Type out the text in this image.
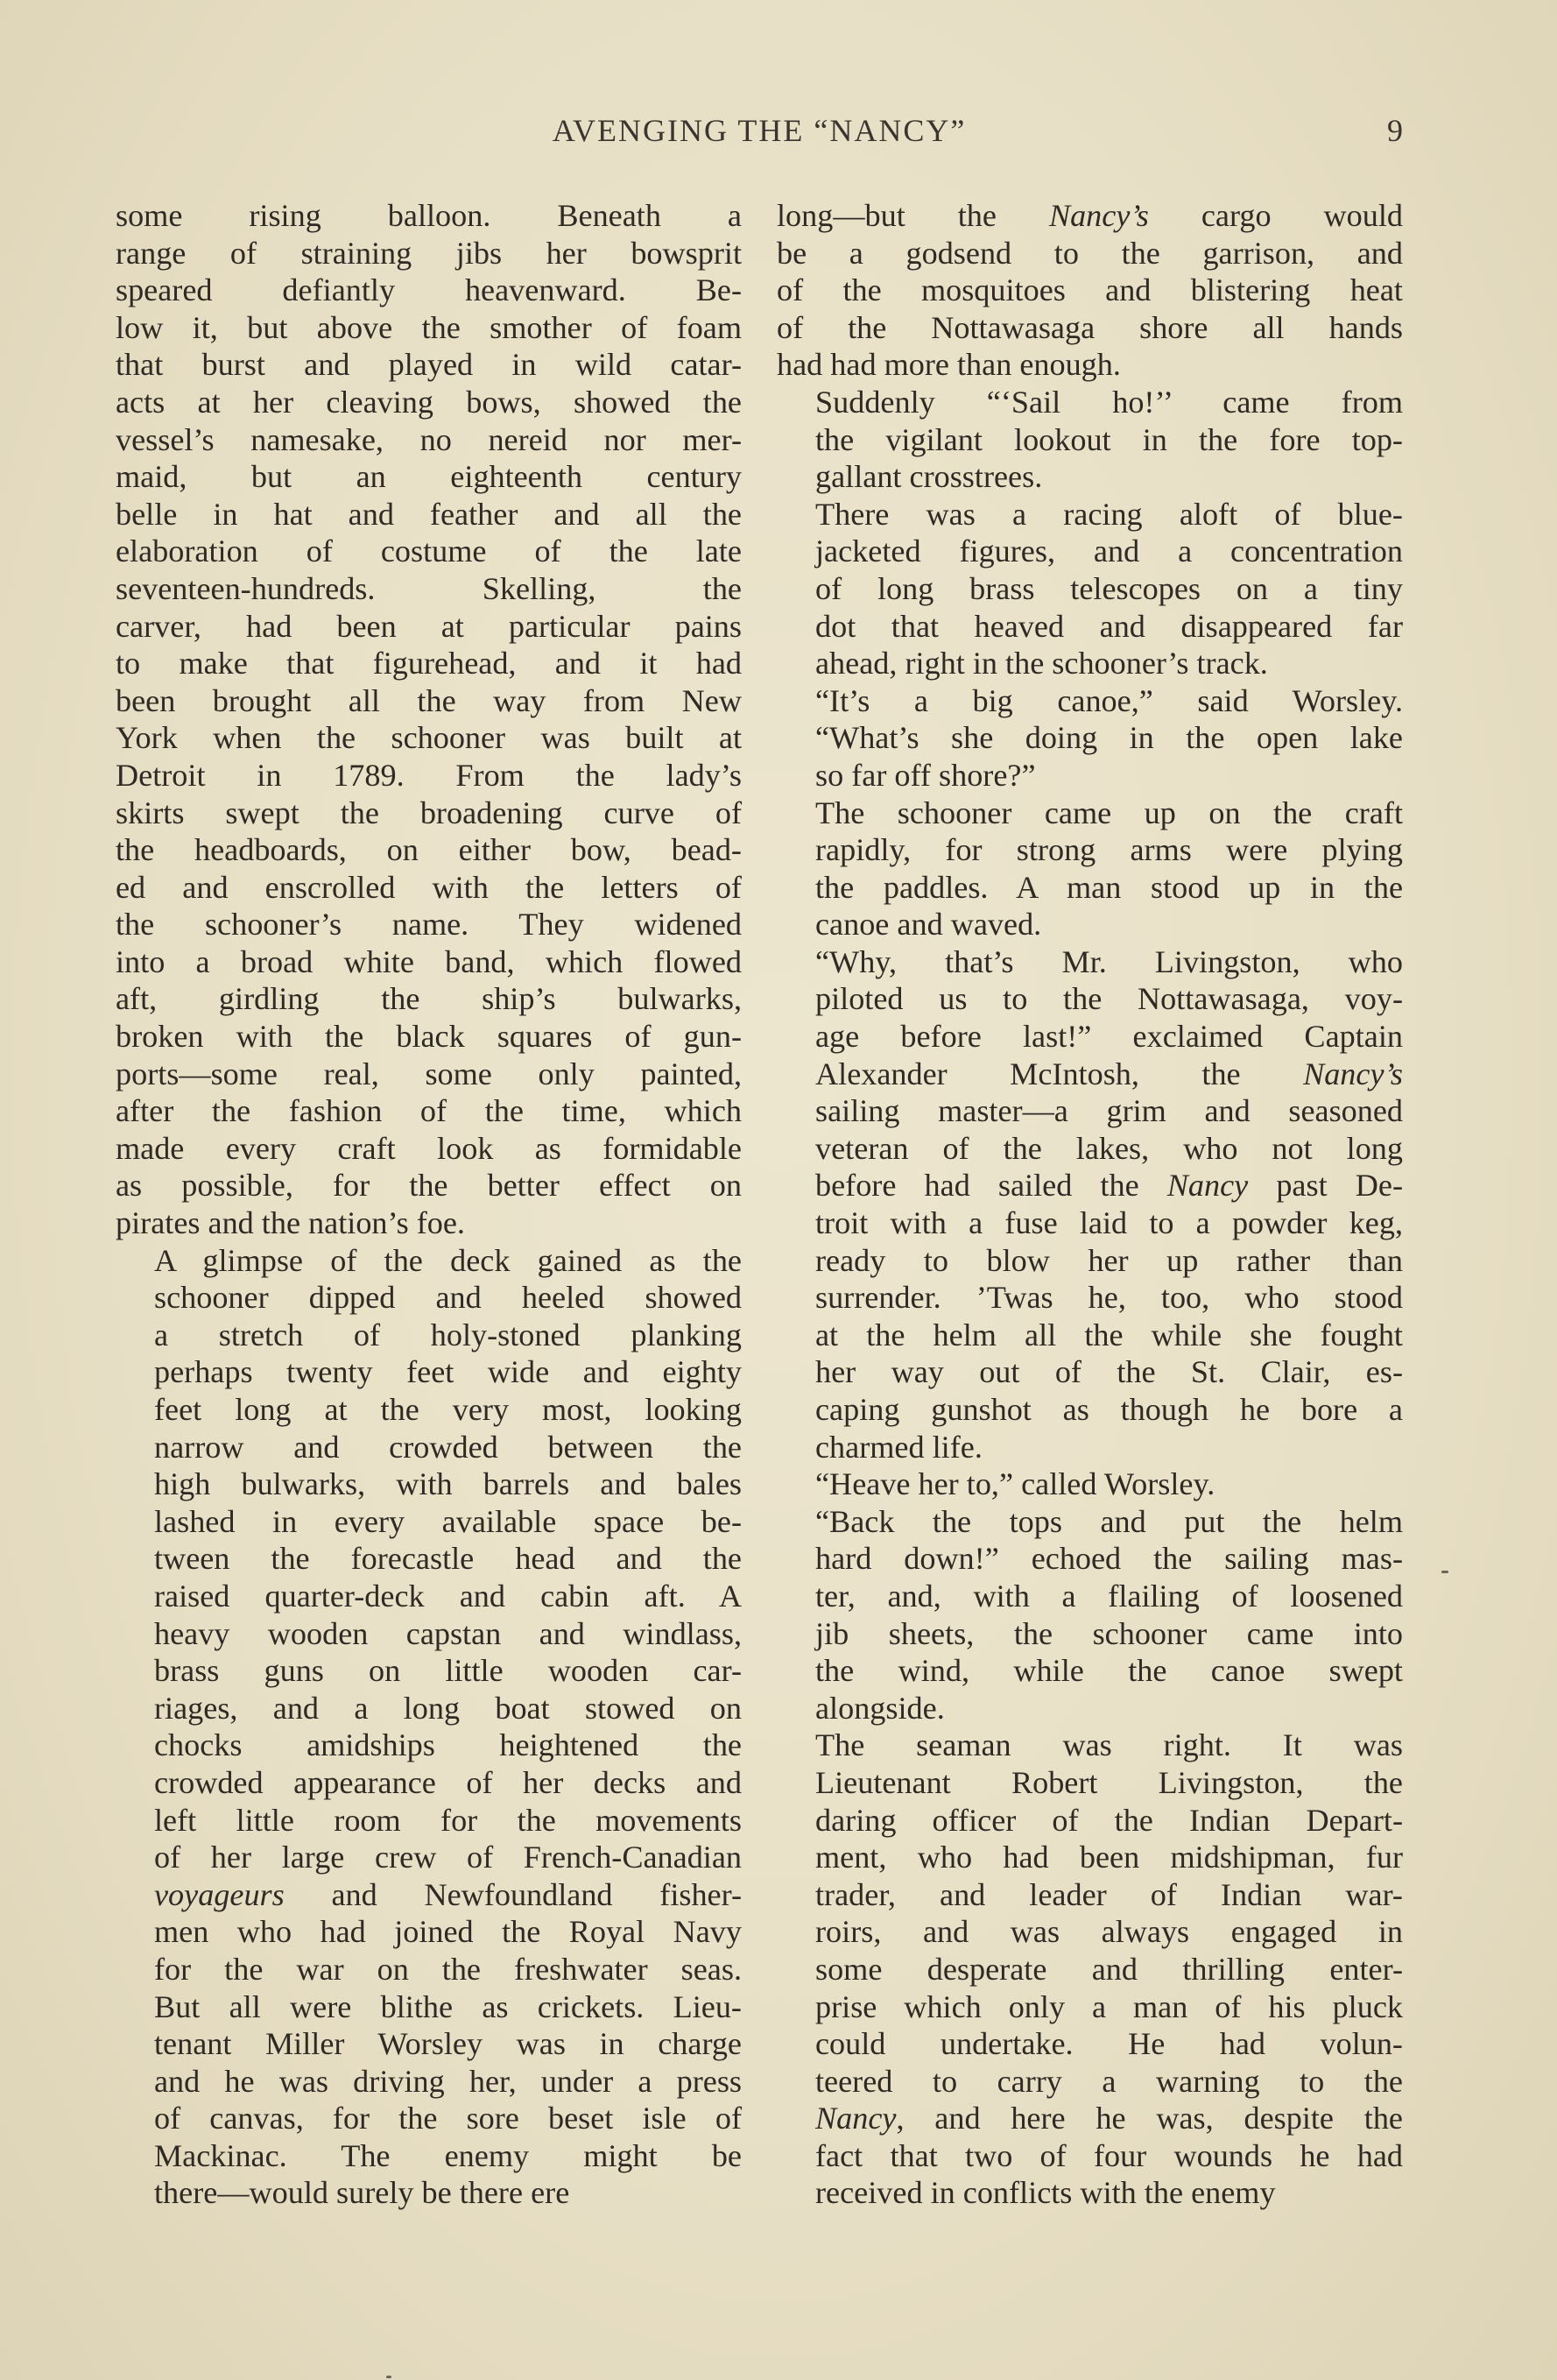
AVENGING THE “NANCY”	9

some rising balloon. Beneath a
range of straining jibs her bowsprit
speared defiantly heavenward. Be-
low it, but above the smother of foam
that burst and played in wild catar-
acts at her cleaving bows, showed the
vessel’s namesake, no nereid nor mer-
maid, but an eighteenth century
belle in hat and feather and all the
elaboration of costume of the late
seventeen-hundreds. Skelling, the
carver, had been at particular pains
to make that figurehead, and it had
been brought all the way from New
York when the schooner was built at
Detroit in 1789. From the lady’s
skirts swept the broadening curve of
the headboards, on either bow, bead-
ed and enscrolled with the letters of
the schooner’s name. They widened
into a broad white band, which flowed
aft, girdling the ship’s bulwarks,
broken with the black squares of gun-
ports—some real, some only painted,
after the fashion of the time, which
made every craft look as formidable
as possible, for the better effect on
pirates and the nation’s foe.

A glimpse of the deck gained as the
schooner dipped and heeled showed
a stretch of holy-stoned planking
perhaps twenty feet wide and eighty
feet long at the very most, looking
narrow and crowded between the
high bulwarks, with barrels and bales
lashed in every available space be-
tween the forecastle head and the
raised quarter-deck and cabin aft. A
heavy wooden capstan and windlass,
brass guns on little wooden car-
riages, and a long boat stowed on
chocks amidships heightened the
crowded appearance of her decks and
left little room for the movements
of her large crew of French-Canadian
voyageurs and Newfoundland fisher-
men who had joined the Royal Navy
for the war on the freshwater seas.
But all were blithe as crickets. Lieu-
tenant Miller Worsley was in charge
and he was driving her, under a press
of canvas, for the sore beset isle of
Mackinac. The enemy might be
there—would surely be there ere

long—but the Nancy’s cargo would
be a godsend to the garrison, and
of the mosquitoes and blistering heat
of the Nottawasaga shore all hands
had had more than enough.

Suddenly “‘Sail ho!’’ came from
the vigilant lookout in the fore top-
gallant crosstrees.

There was a racing aloft of blue-
jacketed figures, and a concentration
of long brass telescopes on a tiny
dot that heaved and disappeared far
ahead, right in the schooner’s track.

“It’s a big canoe,” said Worsley.
“What’s she doing in the open lake
so far off shore?”

The schooner came up on the craft
rapidly, for strong arms were plying
the paddles. A man stood up in the
canoe and waved.

“Why, that’s Mr. Livingston, who
piloted us to the Nottawasaga, voy-
age before last!” exclaimed Captain
Alexander McIntosh, the Nancy’s
sailing master—a grim and seasoned
veteran of the lakes, who not long
before had sailed the Nancy past De-
troit with a fuse laid to a powder keg,
ready to blow her up rather than
surrender. ’Twas he, too, who stood
at the helm all the while she fought
her way out of the St. Clair, es-
caping gunshot as though he bore a
charmed life.

“Heave her to,” called Worsley.

“Back the tops and put the helm
hard down!” echoed the sailing mas-
ter, and, with a flailing of loosened
jib sheets, the schooner came into
the wind, while the canoe swept
alongside.

The seaman was right. It was
Lieutenant Robert Livingston, the
daring officer of the Indian Depart-
ment, who had been midshipman, fur
trader, and leader of Indian war-
roirs, and was always engaged in
some desperate and thrilling enter-
prise which only a man of his pluck
could undertake. He had volun-
teered to carry a warning to the
Nancy, and here he was, despite the
fact that two of four wounds he had
received in conflicts with the enemy
